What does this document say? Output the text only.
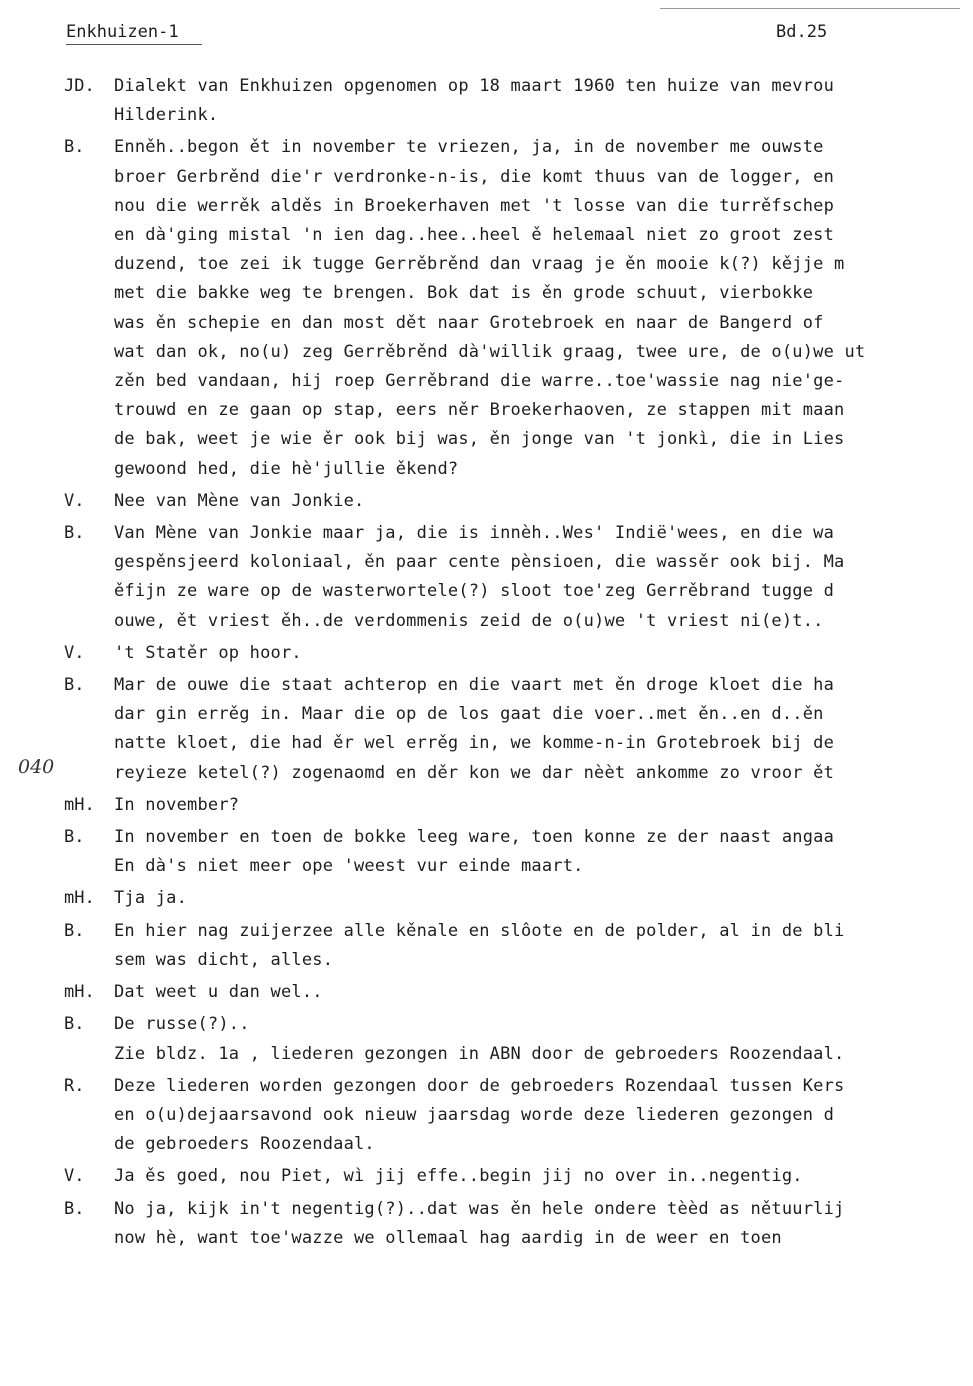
Enkhuizen-1	Bd.25
040
JD.	Dialekt van Enkhuizen opgenomen op 18 maart 1960 ten huize van mevrou
Hilderink.
B.	Enněh..begon ět in november te vriezen, ja, in de november me ouwste
broer Gerbrěnd die'r verdronke-n-is, die komt thuus van de logger, en
nou die werrěk alděs in Broekerhaven met 't losse van die turrěfschep
en dà'ging mistal 'n ien dag..hee..heel ě helemaal niet zo groot zest
duzend, toe zei ik tugge Gerrěbrěnd dan vraag je ěn mooie k(?) kějje m
met die bakke weg te brengen. Bok dat is ěn grode schuut, vierbokke
was ěn schepie en dan most dět naar Grotebroek en naar de Bangerd of
wat dan ok, no(u) zeg Gerrěbrěnd dà'willik graag, twee ure, de o(u)we ut
zěn bed vandaan, hij roep Gerrěbrand die warre..toe'wassie nag nie'ge-
trouwd en ze gaan op stap, eers něr Broekerhaoven, ze stappen mit maan
de bak, weet je wie ěr ook bij was, ěn jonge van 't jonkì, die in Lies
gewoond hed, die hè'jullie ěkend?
V.	Nee van Mène van Jonkie.
B.	Van Mène van Jonkie maar ja, die is innèh..Wes' Indië'wees, en die wa
gespěnsjeerd koloniaal, ěn paar cente pènsioen, die wassěr ook bij. Ma
ěfijn ze ware op de wasterwortele(?) sloot toe'zeg Gerrěbrand tugge d
ouwe, ět vriest ěh..de verdommenis zeid de o(u)we 't vriest ni(e)t..
V.	't Statěr op hoor.
B.	Mar de ouwe die staat achterop en die vaart met ěn droge kloet die ha
dar gin errěg in. Maar die op de los gaat die voer..met ěn..en d..ěn
natte kloet, die had ěr wel errěg in, we komme-n-in Grotebroek bij de
reyieze ketel(?) zogenaomd en děr kon we dar nèèt ankomme zo vroor ět
mH.	In november?
B.	In november en toen de bokke leeg ware, toen konne ze der naast angaa
En dà's niet meer ope 'weest vur einde maart.
mH.	Tja ja.
B.	En hier nag zuijerzee alle kěnale en slôote en de polder, al in de bli
sem was dicht, alles.
mH.	Dat weet u dan wel..
B.	De russe(?)..
Zie bldz. 1a , liederen gezongen in ABN door de gebroeders Roozendaal.
R.	Deze liederen worden gezongen door de gebroeders Rozendaal tussen Kers
en o(u)dejaarsavond ook nieuw jaarsdag worde deze liederen gezongen d
de gebroeders Roozendaal.
V.	Ja ěs goed, nou Piet, wì jij effe..begin jij no over in..negentig.
B.	No ja, kijk in't negentig(?)..dat was ěn hele ondere tèèd as nětuurlij
now hè, want toe'wazze we ollemaal hag aardig in de weer en toen
